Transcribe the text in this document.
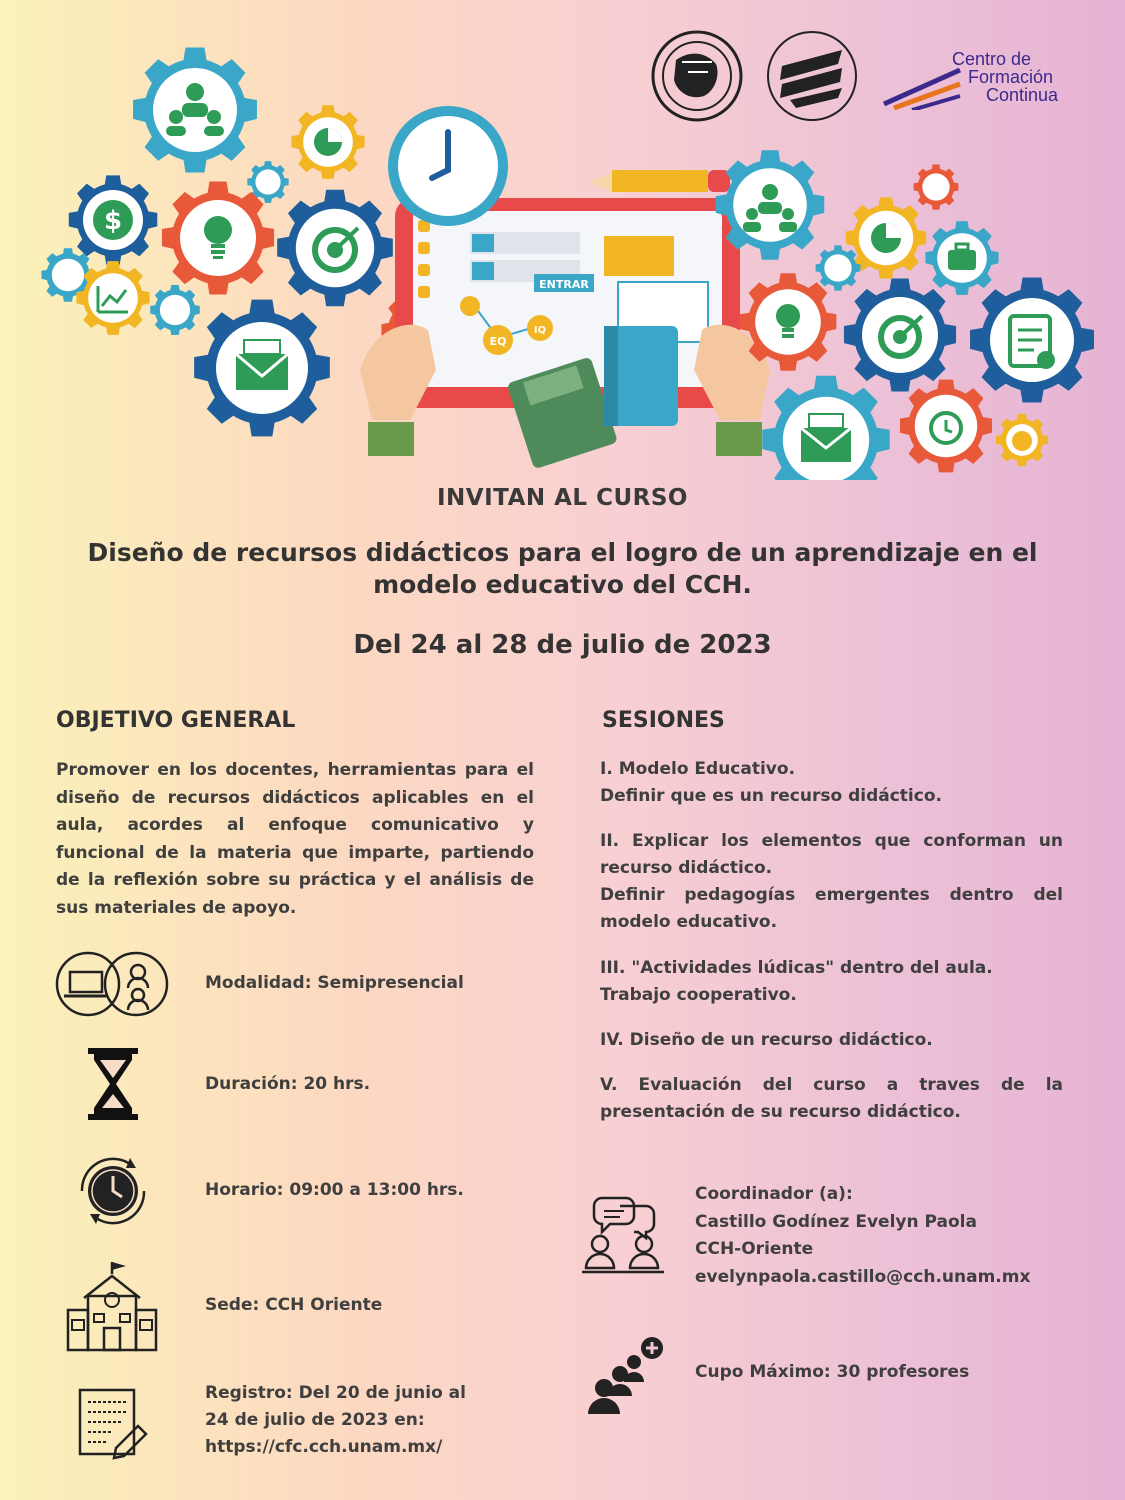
$
ENTRAR
EQ
IQ
Centro de
Formación
Continua
INVITAN AL CURSO
Diseño de recursos didácticos para el logro de un aprendizaje en el modelo educativo del CCH.
Del 24 al 28 de julio de 2023
OBJETIVO GENERAL
Promover en los docentes, herramientas para el diseño de recursos didácticos aplicables en el aula, acordes al enfoque comunicativo y funcional de la materia que imparte, partiendo de la reflexión sobre su práctica y el análisis de sus materiales de apoyo.
SESIONES
I. Modelo Educativo.
Definir que es un recurso didáctico.
II. Explicar los elementos que conforman un recurso didáctico.
Definir pedagogías emergentes dentro del modelo educativo.
III. "Actividades lúdicas" dentro del aula.
Trabajo cooperativo.
IV. Diseño de un recurso didáctico.
V. Evaluación del curso a traves de la presentación de su recurso didáctico.
Modalidad: Semipresencial
Duración: 20 hrs.
Horario: 09:00 a 13:00 hrs.
Sede: CCH Oriente
Registro: Del 20 de junio al
24 de julio de 2023 en:
https://cfc.cch.unam.mx/
Coordinador (a):
Castillo Godínez Evelyn Paola
CCH-Oriente
evelynpaola.castillo@cch.unam.mx
Cupo Máximo: 30 profesores
